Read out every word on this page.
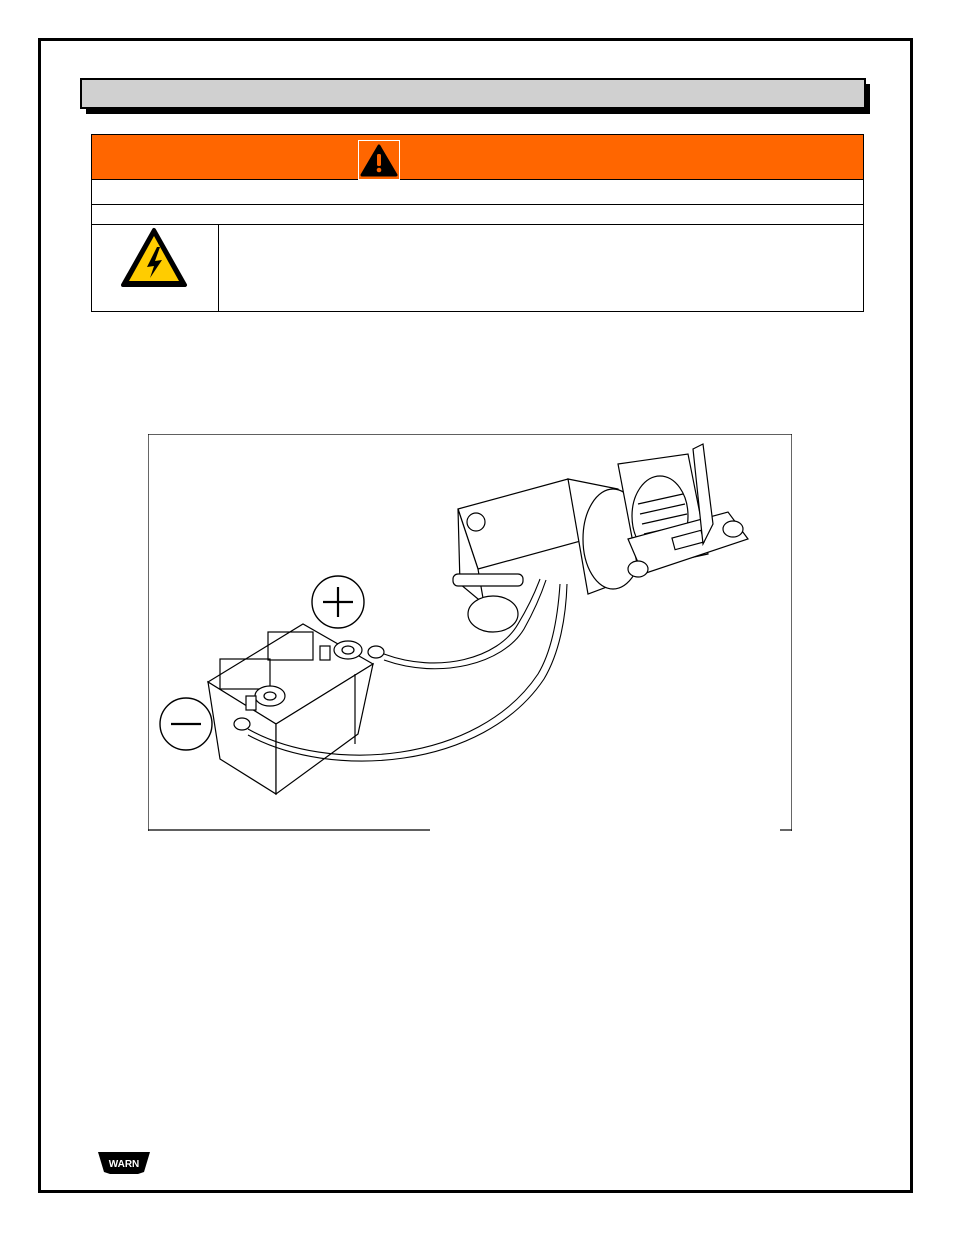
WARN
